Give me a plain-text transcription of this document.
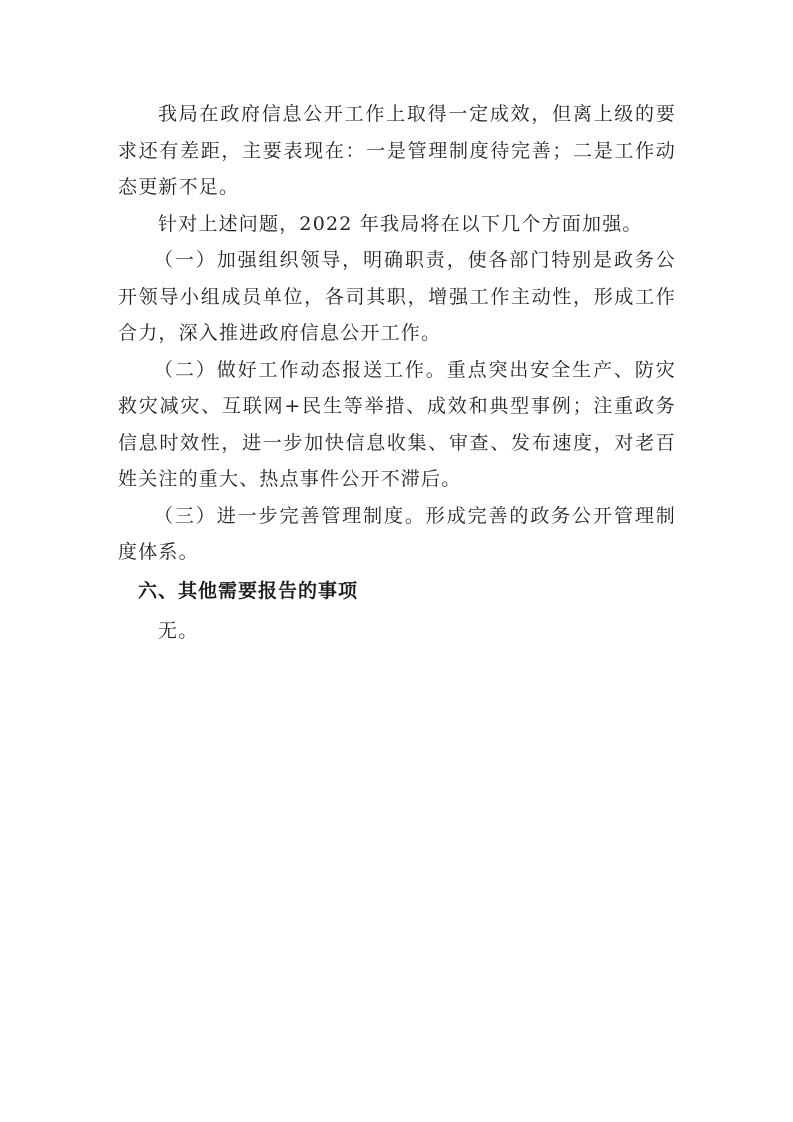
我局在政府信息公开工作上取得一定成效，但离上级的要求还有差距，主要表现在：一是管理制度待完善；二是工作动态更新不足。

针对上述问题，2022 年我局将在以下几个方面加强。

（一）加强组织领导，明确职责，使各部门特别是政务公开领导小组成员单位，各司其职，增强工作主动性，形成工作合力，深入推进政府信息公开工作。

（二）做好工作动态报送工作。重点突出安全生产、防灾救灾减灾、互联网+民生等举措、成效和典型事例；注重政务信息时效性，进一步加快信息收集、审查、发布速度，对老百姓关注的重大、热点事件公开不滞后。

（三）进一步完善管理制度。形成完善的政务公开管理制度体系。

六、其他需要报告的事项

无。
